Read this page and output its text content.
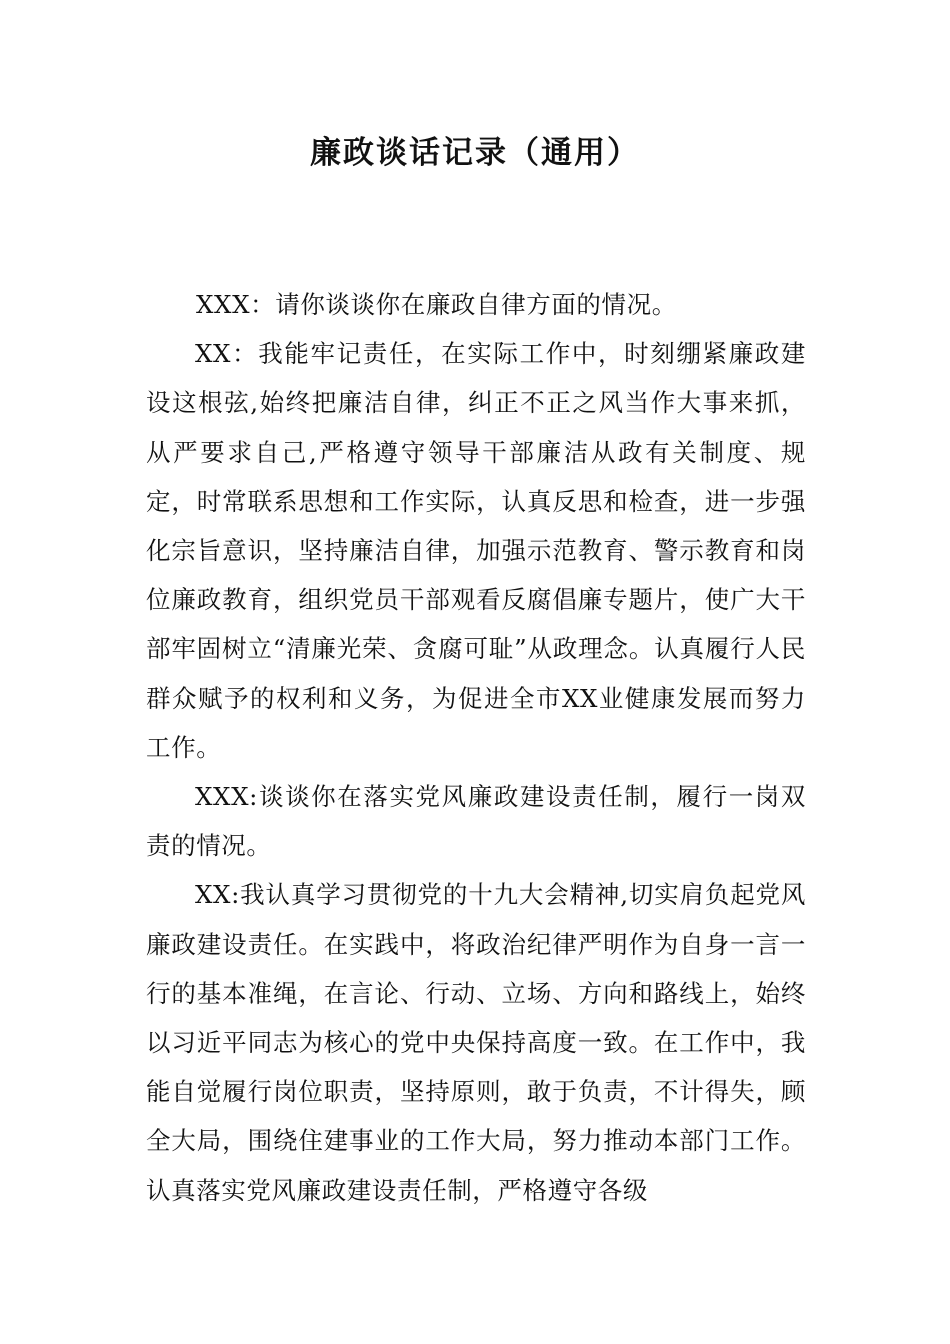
廉政谈话记录（通用）

XXX：请你谈谈你在廉政自律方面的情况。

XX：我能牢记责任，在实际工作中，时刻绷紧廉政建设这根弦,始终把廉洁自律，纠正不正之风当作大事来抓，从严要求自己,严格遵守领导干部廉洁从政有关制度、规定，时常联系思想和工作实际，认真反思和检查，进一步强化宗旨意识，坚持廉洁自律，加强示范教育、警示教育和岗位廉政教育，组织党员干部观看反腐倡廉专题片，使广大干部牢固树立“清廉光荣、贪腐可耻”从政理念。认真履行人民群众赋予的权利和义务，为促进全市XX业健康发展而努力工作。

XXX:谈谈你在落实党风廉政建设责任制，履行一岗双责的情况。

XX:我认真学习贯彻党的十九大会精神,切实肩负起党风廉政建设责任。在实践中，将政治纪律严明作为自身一言一 行的基本准绳，在言论、行动、立场、方向和路线上，始终 以习近平同志为核心的党中央保持高度一致。在工作中，我能自觉履行岗位职责，坚持原则，敢于负责，不计得失，顾全大局，围绕住建事业的工作大局，努力推动本部门工作。认真落实党风廉政建设责任制，严格遵守各级
